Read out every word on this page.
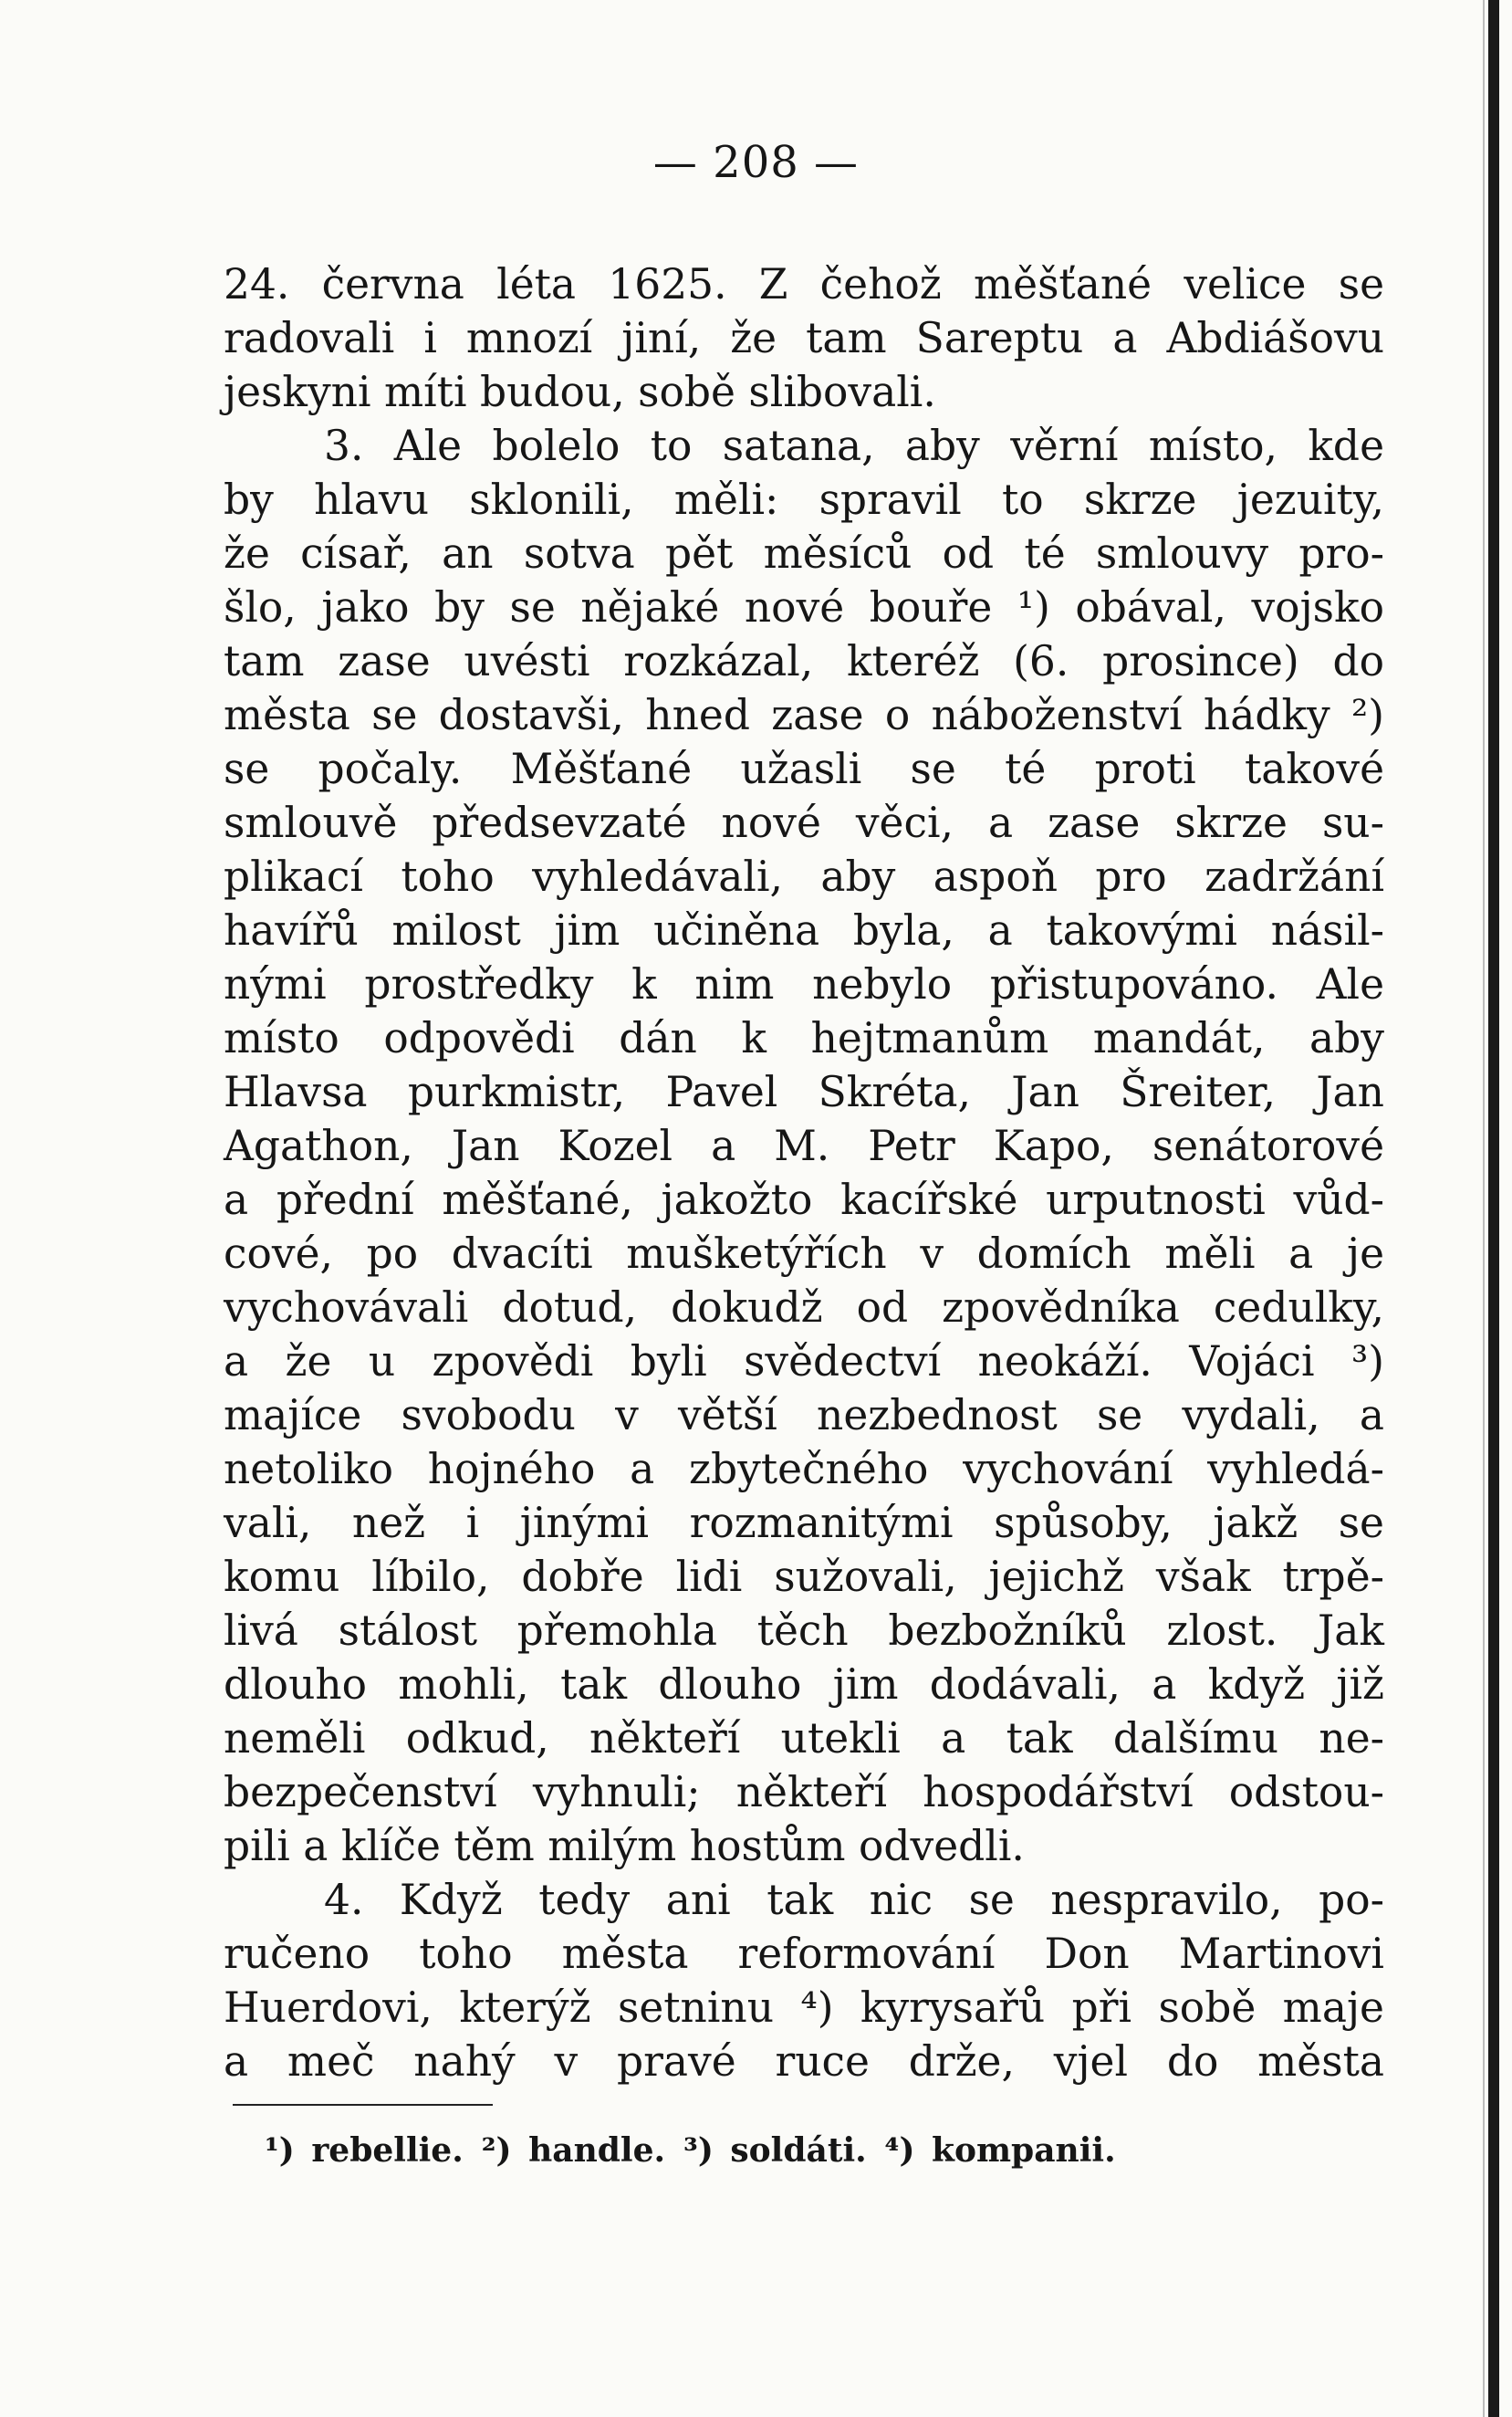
— 208 —
24. června léta 1625. Z čehož měšťané velice se
radovali i mnozí jiní, že tam Sareptu a Abdiášovu
jeskyni míti budou, sobě slibovali.
3. Ale bolelo to satana, aby věrní místo, kde
by hlavu sklonili, měli: spravil to skrze jezuity,
že císař, an sotva pět měsíců od té smlouvy pro-
šlo, jako by se nějaké nové bouře ¹) obával, vojsko
tam zase uvésti rozkázal, kteréž (6. prosince) do
města se dostavši, hned zase o náboženství hádky ²)
se počaly. Měšťané užasli se té proti takové
smlouvě předsevzaté nové věci, a zase skrze su-
plikací toho vyhledávali, aby aspoň pro zadržání
havířů milost jim učiněna byla, a takovými násil-
nými prostředky k nim nebylo přistupováno. Ale
místo odpovědi dán k hejtmanům mandát, aby
Hlavsa purkmistr, Pavel Skréta, Jan Šreiter, Jan
Agathon, Jan Kozel a M. Petr Kapo, senátorové
a přední měšťané, jakožto kacířské urputnosti vůd-
cové, po dvacíti mušketýřích v domích měli a je
vychovávali dotud, dokudž od zpovědníka cedulky,
a že u zpovědi byli svědectví neokáží. Vojáci ³)
majíce svobodu v větší nezbednost se vydali, a
netoliko hojného a zbytečného vychování vyhledá-
vali, než i jinými rozmanitými spůsoby, jakž se
komu líbilo, dobře lidi sužovali, jejichž však trpě-
livá stálost přemohla těch bezbožníků zlost. Jak
dlouho mohli, tak dlouho jim dodávali, a když již
neměli odkud, někteří utekli a tak dalšímu ne-
bezpečenství vyhnuli; někteří hospodářství odstou-
pili a klíče těm milým hostům odvedli.
4. Když tedy ani tak nic se nespravilo, po-
ručeno toho města reformování Don Martinovi
Huerdovi, kterýž setninu ⁴) kyrysařů při sobě maje
a meč nahý v pravé ruce drže, vjel do města
¹) rebellie. ²) handle. ³) soldáti. ⁴) kompanii.
